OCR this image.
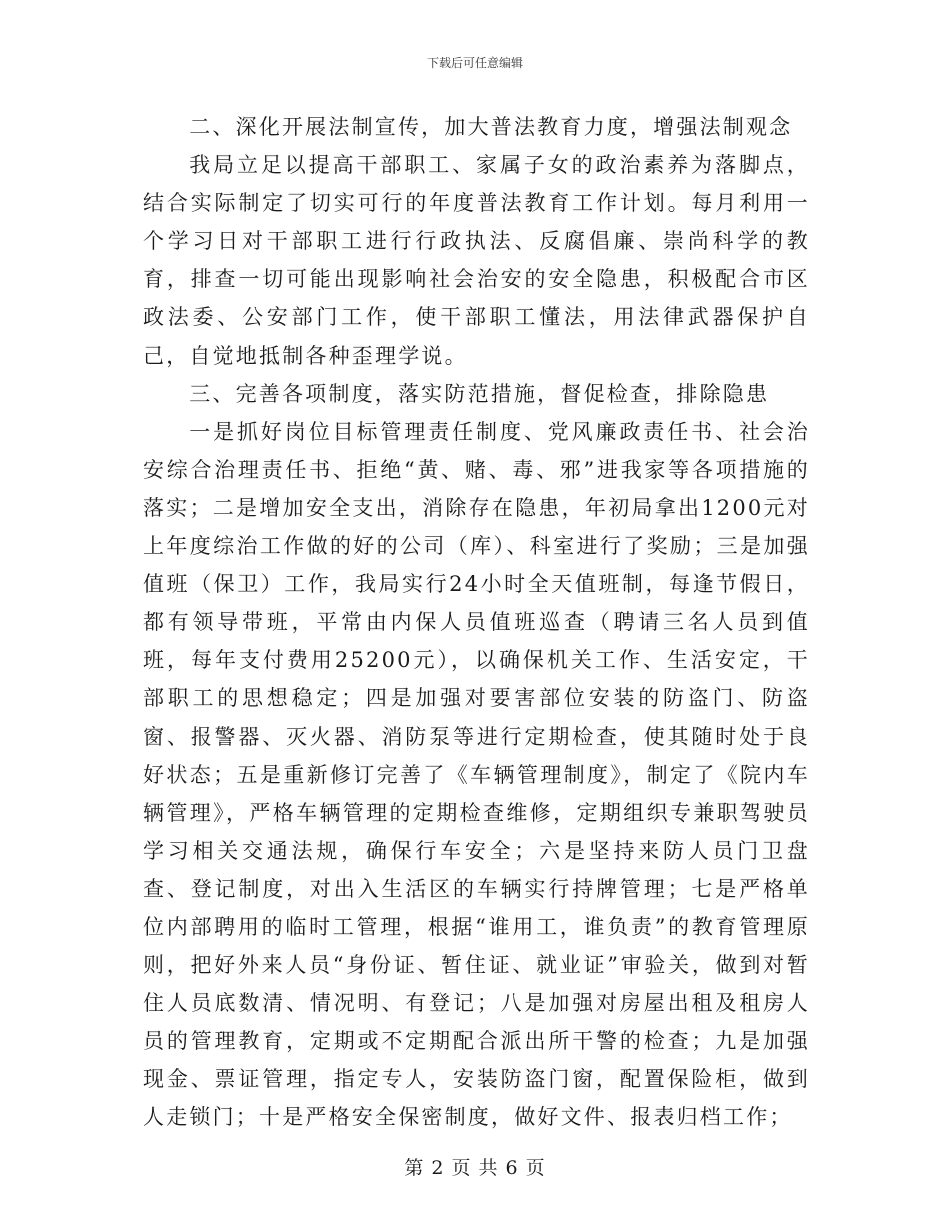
下载后可任意编辑

二、深化开展法制宣传，加大普法教育力度，增强法制观念

我局立足以提高干部职工、家属子女的政治素养为落脚点，结合实际制定了切实可行的年度普法教育工作计划。每月利用一个学习日对干部职工进行行政执法、反腐倡廉、崇尚科学的教育，排查一切可能出现影响社会治安的安全隐患，积极配合市区政法委、公安部门工作，使干部职工懂法，用法律武器保护自己，自觉地抵制各种歪理学说。

三、完善各项制度，落实防范措施，督促检查，排除隐患

一是抓好岗位目标管理责任制度、党风廉政责任书、社会治安综合治理责任书、拒绝“黄、赌、毒、邪”进我家等各项措施的落实；二是增加安全支出，消除存在隐患，年初局拿出1200元对上年度综治工作做的好的公司（库）、科室进行了奖励；三是加强值班（保卫）工作，我局实行24小时全天值班制，每逢节假日，都有领导带班，平常由内保人员值班巡查（聘请三名人员到值班，每年支付费用25200元），以确保机关工作、生活安定，干部职工的思想稳定；四是加强对要害部位安装的防盗门、防盗窗、报警器、灭火器、消防泵等进行定期检查，使其随时处于良好状态；五是重新修订完善了《车辆管理制度》，制定了《院内车辆管理》，严格车辆管理的定期检查维修，定期组织专兼职驾驶员学习相关交通法规，确保行车安全；六是坚持来防人员门卫盘查、登记制度，对出入生活区的车辆实行持牌管理；七是严格单位内部聘用的临时工管理，根据“谁用工，谁负责”的教育管理原则，把好外来人员“身份证、暂住证、就业证”审验关，做到对暂住人员底数清、情况明、有登记；八是加强对房屋出租及租房人员的管理教育，定期或不定期配合派出所干警的检查；九是加强现金、票证管理，指定专人，安装防盗门窗，配置保险柜，做到人走锁门；十是严格安全保密制度，做好文件、报表归档工作；

第 2 页 共 6 页
